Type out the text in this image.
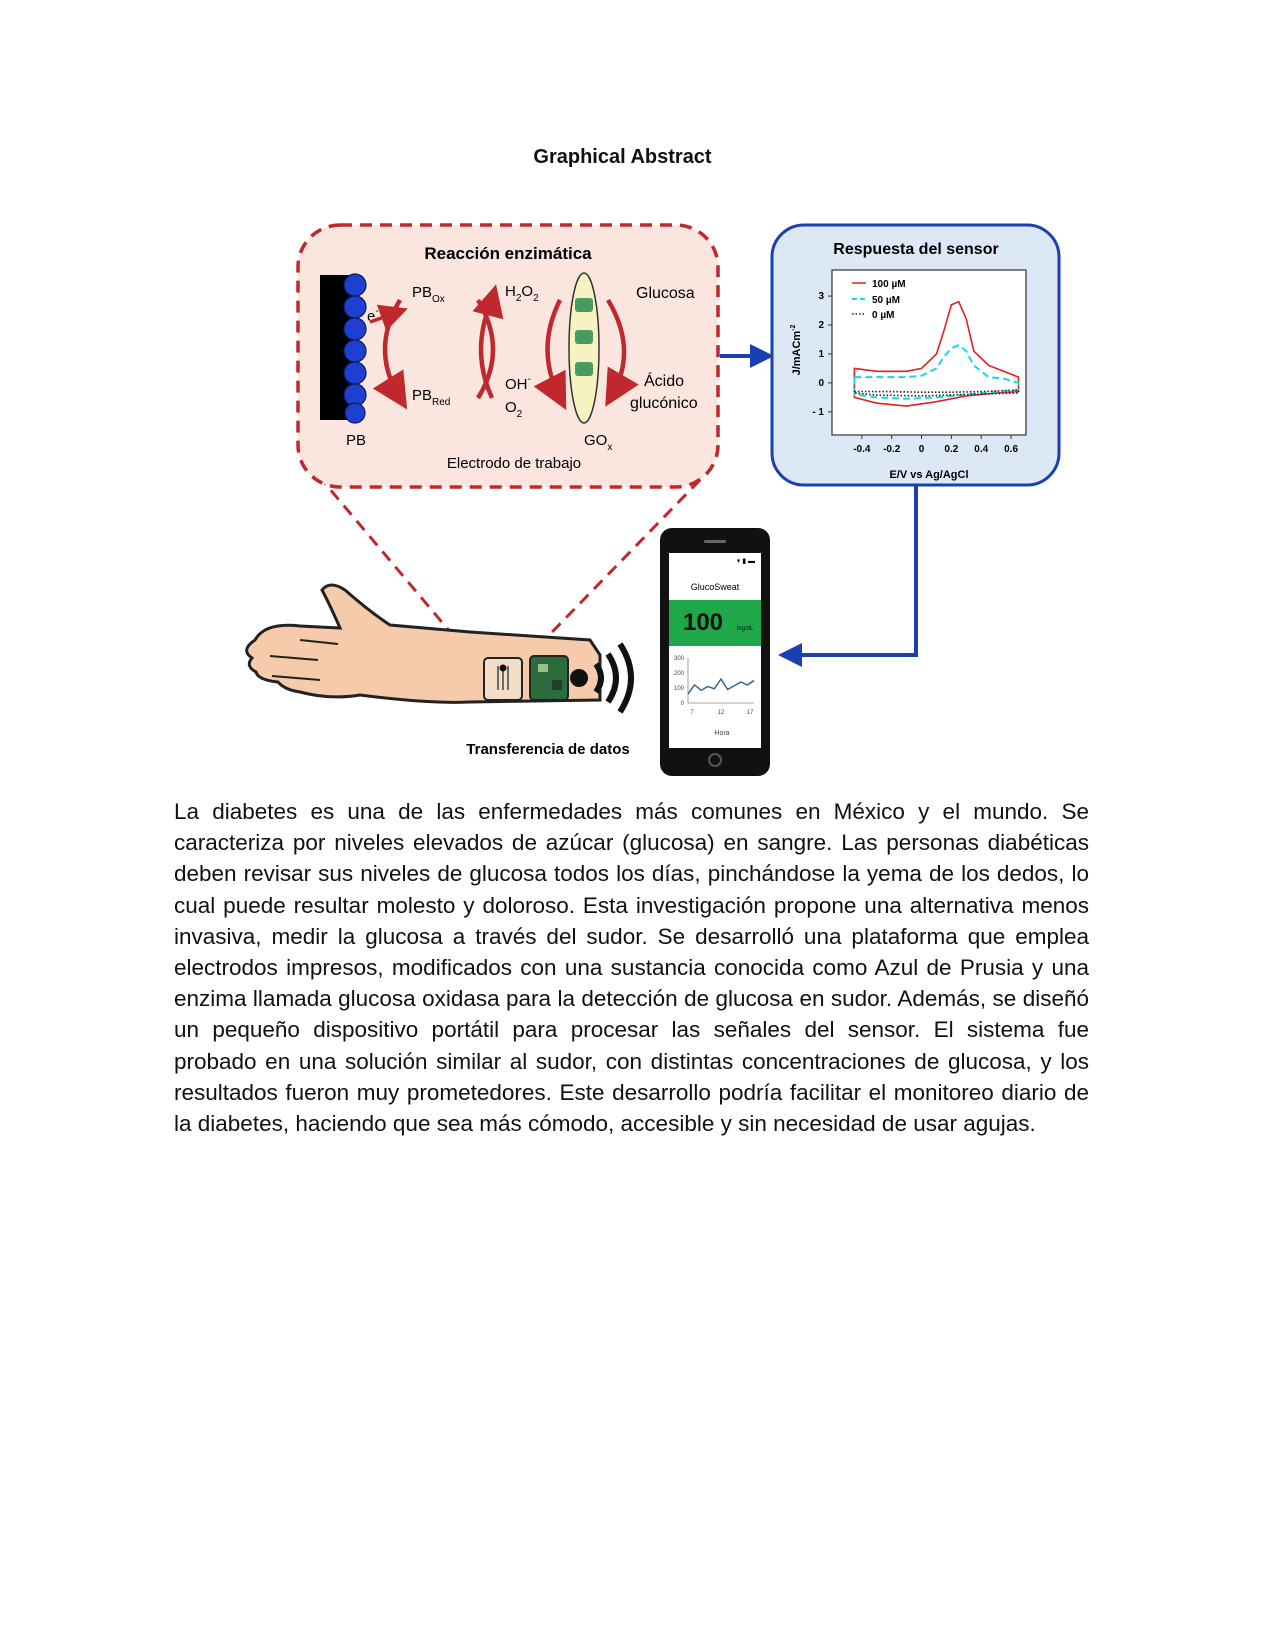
Graphical Abstract
Reacción enzimática
e-
$PB_{Ox}$
$PB_{Red}$
$H_2O_2$
OH-
$O_2$
Glucosa
Ácido
glucónico
PB	$GO_x$
Electrodo de trabajo
Respuesta del sensor
-0.4 -0.2 0 0.2 0.4 0.6
3
2
1
0
- 1
100 µM
50 µM
0 µM
J/mACm$^{-2}$
E/V vs Ag/AgCl
Transferencia de datos
▾ ▮ ▬
GlucoSweat
100 mg/dL
300
200
100
0
7	12	17
Hora
La diabetes es una de las enfermedades más comunes en México y el mundo. Se caracteriza por niveles elevados de azúcar (glucosa) en sangre. Las personas diabéticas deben revisar sus niveles de glucosa todos los días, pinchándose la yema de los dedos, lo cual puede resultar molesto y doloroso. Esta investigación propone una alternativa menos invasiva, medir la glucosa a través del sudor. Se desarrolló una plataforma que emplea electrodos impresos, modificados con una sustancia conocida como Azul de Prusia y una enzima llamada glucosa oxidasa para la detección de glucosa en sudor. Además, se diseñó un pequeño dispositivo portátil para procesar las señales del sensor. El sistema fue probado en una solución similar al sudor, con distintas concentraciones de glucosa, y los resultados fueron muy prometedores. Este desarrollo podría facilitar el monitoreo diario de la diabetes, haciendo que sea más cómodo, accesible y sin necesidad de usar agujas.
